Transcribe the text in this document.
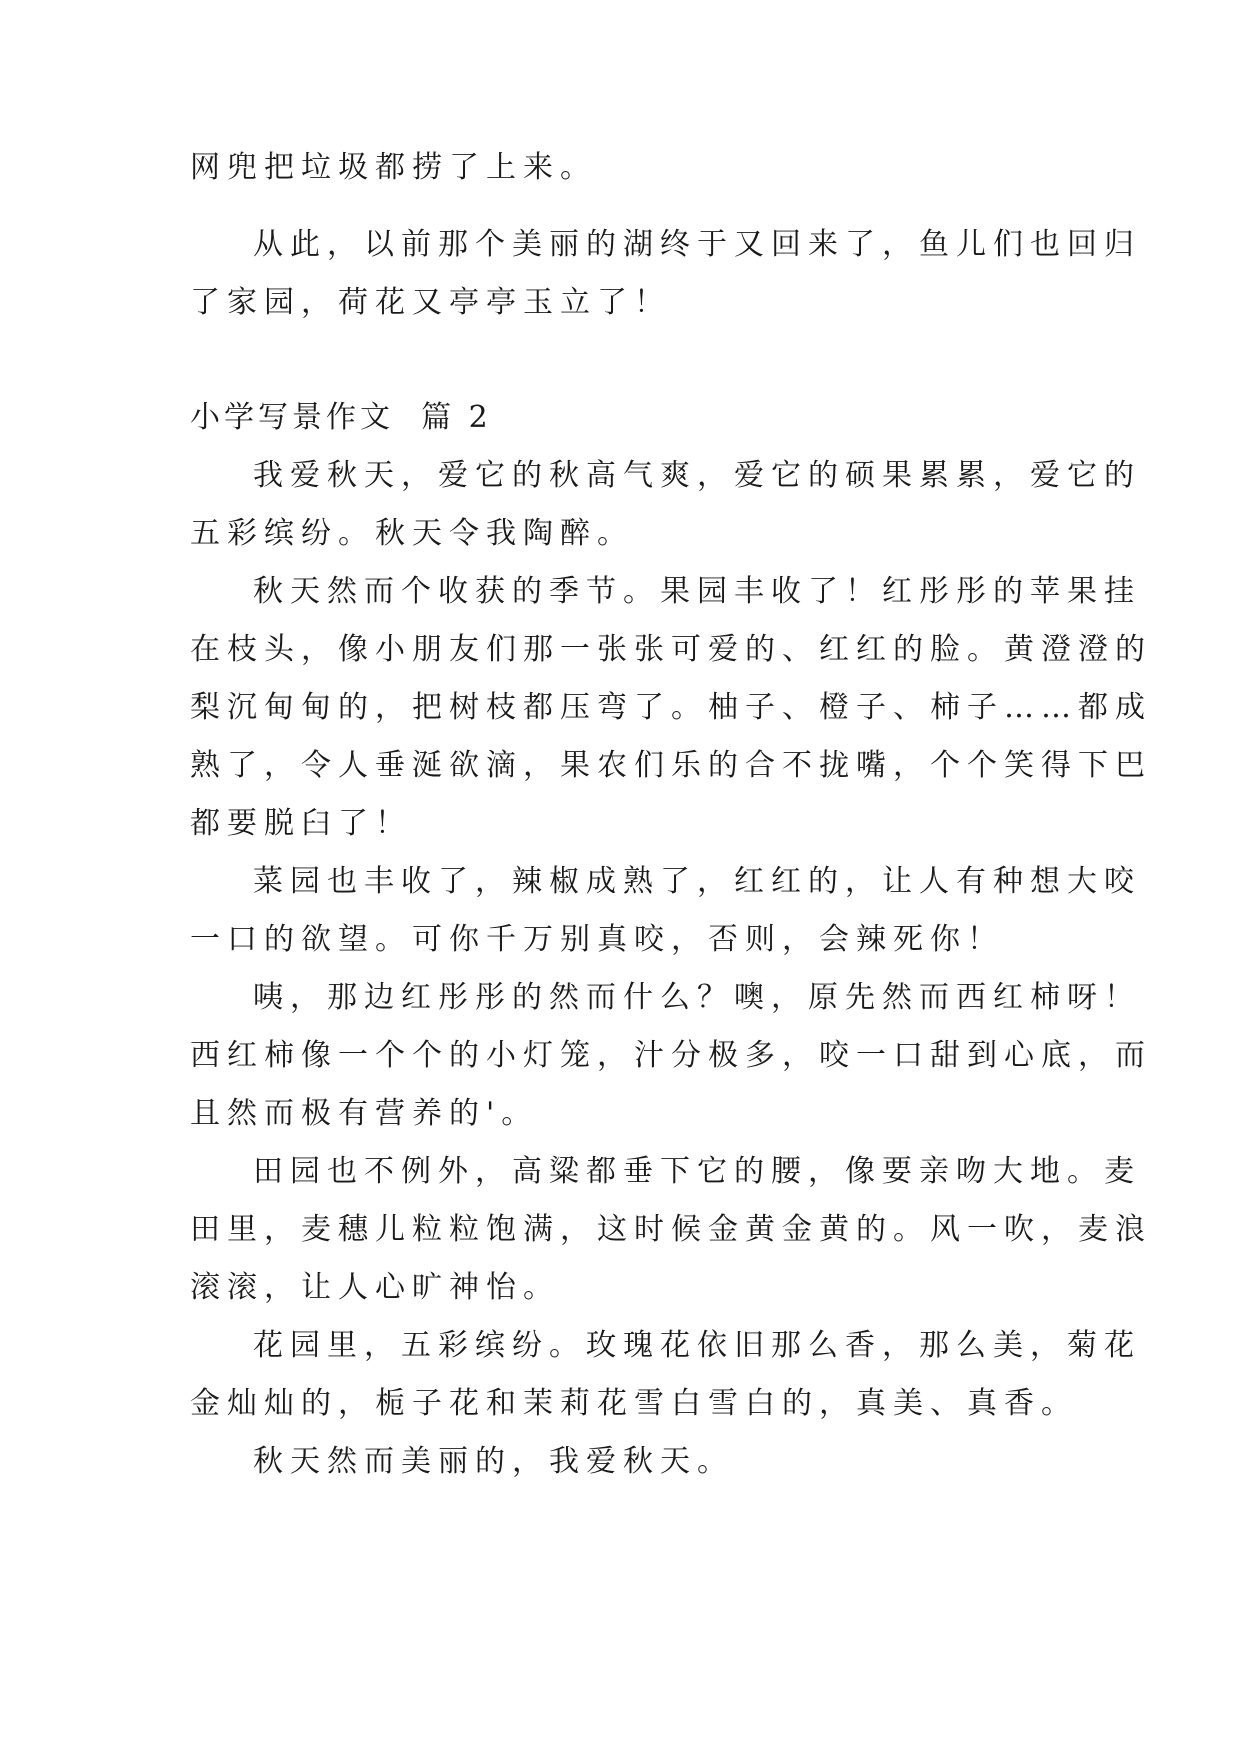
网兜把垃圾都捞了上来。
从此，以前那个美丽的湖终于又回来了，鱼儿们也回归
了家园，荷花又亭亭玉立了！
小学写景作文  篇 2
我爱秋天，爱它的秋高气爽，爱它的硕果累累，爱它的
五彩缤纷。秋天令我陶醉。
秋天然而个收获的季节。果园丰收了！红彤彤的苹果挂
在枝头，像小朋友们那一张张可爱的、红红的脸。黄澄澄的
梨沉甸甸的，把树枝都压弯了。柚子、橙子、柿子……都成
熟了，令人垂涎欲滴，果农们乐的合不拢嘴，个个笑得下巴
都要脱臼了！
菜园也丰收了，辣椒成熟了，红红的，让人有种想大咬
一口的欲望。可你千万别真咬，否则，会辣死你！
咦，那边红彤彤的然而什么？噢，原先然而西红柿呀！
西红柿像一个个的小灯笼，汁分极多，咬一口甜到心底，而
且然而极有营养的'。
田园也不例外，高粱都垂下它的腰，像要亲吻大地。麦
田里，麦穗儿粒粒饱满，这时候金黄金黄的。风一吹，麦浪
滚滚，让人心旷神怡。
花园里，五彩缤纷。玫瑰花依旧那么香，那么美，菊花
金灿灿的，栀子花和茉莉花雪白雪白的，真美、真香。
秋天然而美丽的，我爱秋天。
